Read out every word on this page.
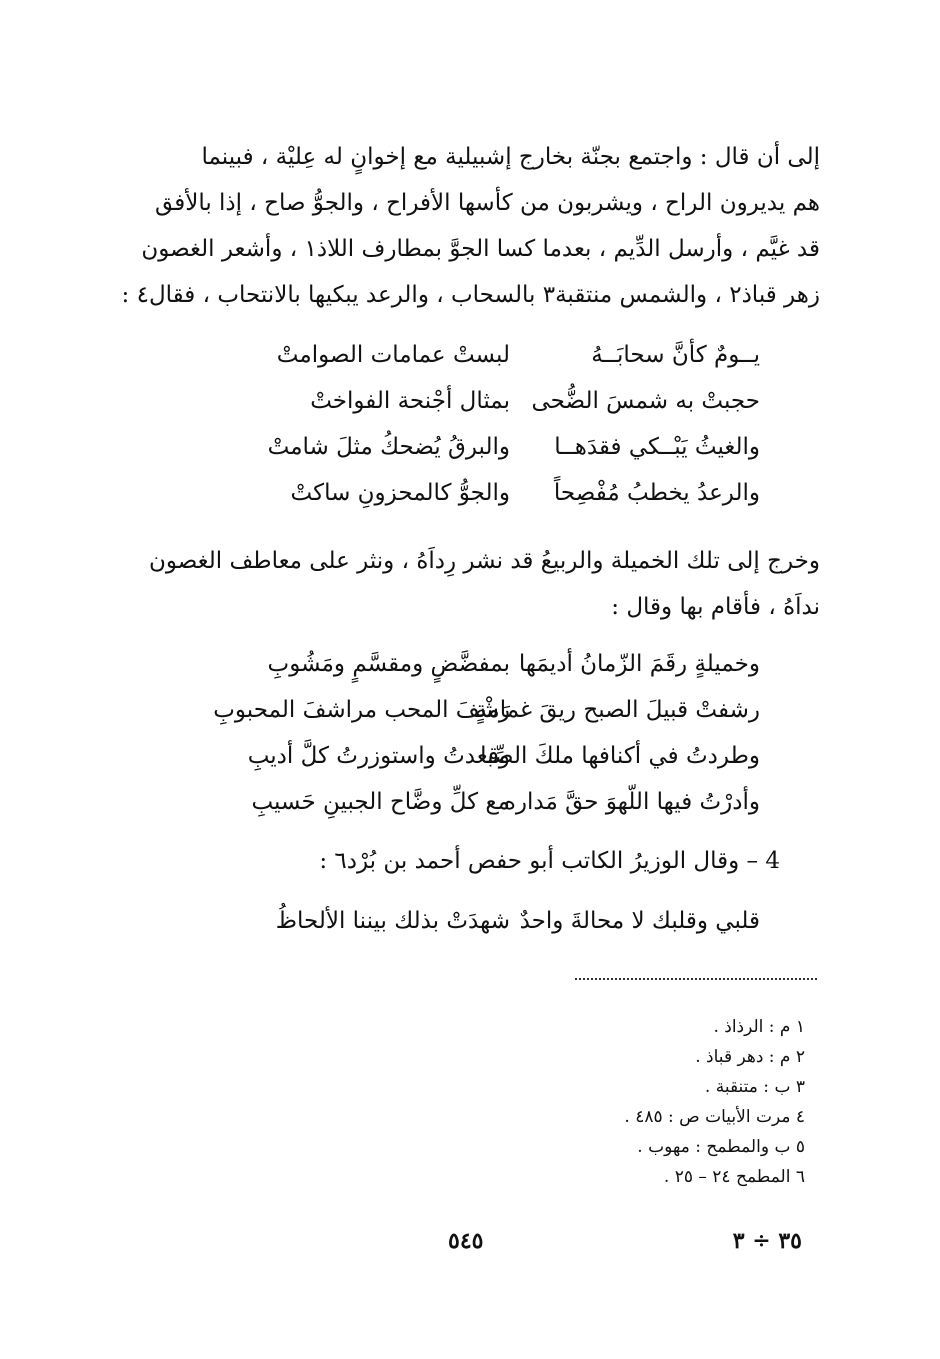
إلى أن قال : واجتمع بجنّة بخارج إشبيلية مع إخوانٍ له عِليْة ، فبينما
هم يديرون الراح ، ويشربون من كأسها الأفراح ، والجوُّ صاح ، إذا بالأفق
قد غيَّم ، وأرسل الدِّيم ، بعدما كسا الجوَّ بمطارف اللاذ١ ، وأشعر الغصون
زهر قباذ٢ ، والشمس منتقبة٣ بالسحاب ، والرعد يبكيها بالانتحاب ، فقال٤ :
يــومٌ كأنَّ سحابَــهُ
لبستْ عمامات الصوامتْ
حجبتْ به شمسَ الضُّحى
بمثال أجْنحة الفواختْ
والغيثُ يَبْــكي فقدَهــا
والبرقُ يُضحكُ مثلَ شامتْ
والرعدُ يخطبُ مُفْصِحاً
والجوُّ كالمحزونِ ساكتْ
وخرج إلى تلك الخميلة والربيعُ قد نشر رِداَهُ ، ونثر على معاطف الغصون
نداَهُ ، فأقام بها وقال :
وخميلةٍ رقَمَ الزّمانُ أديمَها
بمفضَّضٍ ومقسَّمٍ ومَشُوبِ
رشفتْ قبيلَ الصبح ريقَ غمامةٍ
رَشْفَ المحب مراشفَ المحبوبِ
وطردتُ في أكنافها ملكَ الصِّبا
وقعدتُ واستوزرتُ كلَّ أديبِ
وأدرْتُ فيها اللّهوَ حقَّ مَداره
مع كلِّ وضَّاح الجبينِ حَسيبِ
4 – وقال الوزيرُ الكاتب أبو حفص أحمد بن بُرْد٦ :
قلبي وقلبك لا محالةَ واحدٌ
شهدَتْ بذلك بيننا الألحاظُ
١ م : الرذاذ .
٢ م : دهر قباذ .
٣ ب : متنقبة .
٤ مرت الأبيات ص : ٤٨٥ .
٥ ب والمطمح : مهوب .
٦ المطمح ٢٤ – ٢٥ .
٥٤٥	٣٥ ÷ ٣
